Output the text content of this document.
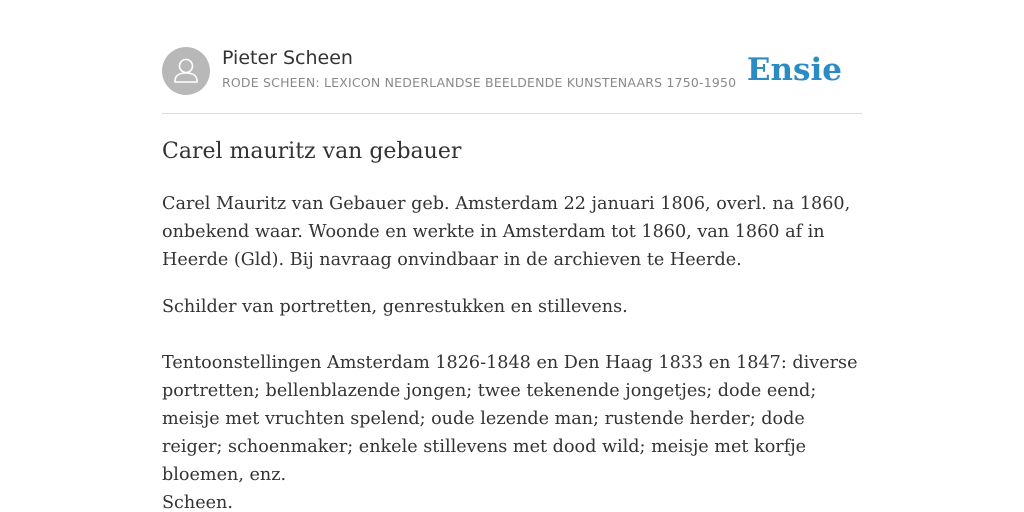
Pieter Scheen
RODE SCHEEN: LEXICON NEDERLANDSE BEELDENDE KUNSTENAARS 1750-1950 Ensie
Carel mauritz van gebauer

Carel Mauritz van Gebauer geb. Amsterdam 22 januari 1806, overl. na 1860, onbekend waar. Woonde en werkte in Amsterdam tot 1860, van 1860 af in Heerde (Gld). Bij navraag onvindbaar in de archieven te Heerde.

Schilder van portretten, genrestukken en stillevens.

Tentoonstellingen Amsterdam 1826-1848 en Den Haag 1833 en 1847: diverse portretten; bellenblazende jongen; twee tekenende jongetjes; dode eend; meisje met vruchten spelend; oude lezende man; rustende herder; dode reiger; schoenmaker; enkele stillevens met dood wild; meisje met korfje bloemen, enz.

Scheen.
